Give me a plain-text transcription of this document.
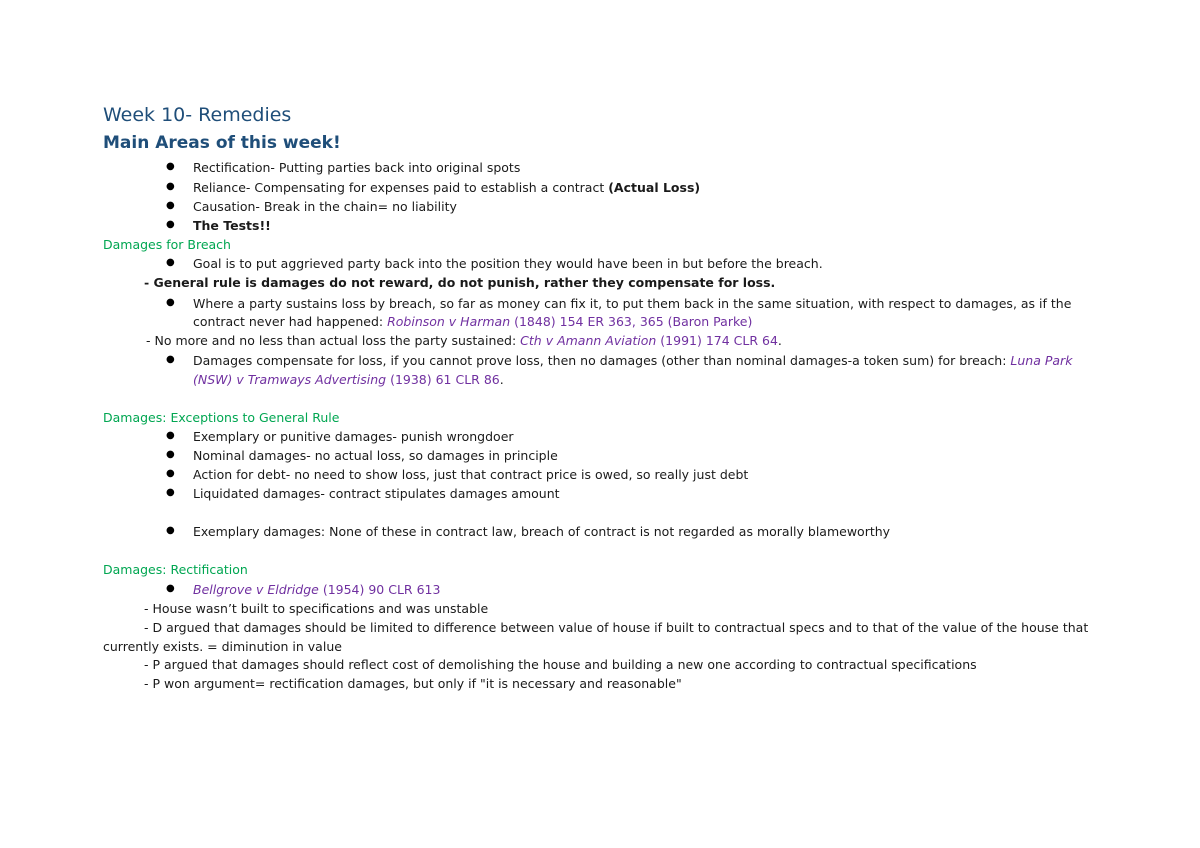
Week 10- Remedies
Main Areas of this week!
● Rectification- Putting parties back into original spots
● Reliance- Compensating for expenses paid to establish a contract (Actual Loss)
● Causation- Break in the chain= no liability
● The Tests!!
Damages for Breach
● Goal is to put aggrieved party back into the position they would have been in but before the breach.
- General rule is damages do not reward, do not punish, rather they compensate for loss.
● Where a party sustains loss by breach, so far as money can fix it, to put them back in the same situation, with respect to damages, as if the
contract never had happened: Robinson v Harman (1848) 154 ER 363, 365 (Baron Parke)
- No more and no less than actual loss the party sustained: Cth v Amann Aviation (1991) 174 CLR 64.
● Damages compensate for loss, if you cannot prove loss, then no damages (other than nominal damages-a token sum) for breach: Luna Park
(NSW) v Tramways Advertising (1938) 61 CLR 86.
Damages: Exceptions to General Rule
● Exemplary or punitive damages- punish wrongdoer
● Nominal damages- no actual loss, so damages in principle
● Action for debt- no need to show loss, just that contract price is owed, so really just debt
● Liquidated damages- contract stipulates damages amount
● Exemplary damages: None of these in contract law, breach of contract is not regarded as morally blameworthy
Damages: Rectification
● Bellgrove v Eldridge (1954) 90 CLR 613
- House wasn’t built to specifications and was unstable
- D argued that damages should be limited to difference between value of house if built to contractual specs and to that of the value of the house that
currently exists. = diminution in value
- P argued that damages should reflect cost of demolishing the house and building a new one according to contractual specifications
- P won argument= rectification damages, but only if "it is necessary and reasonable"
